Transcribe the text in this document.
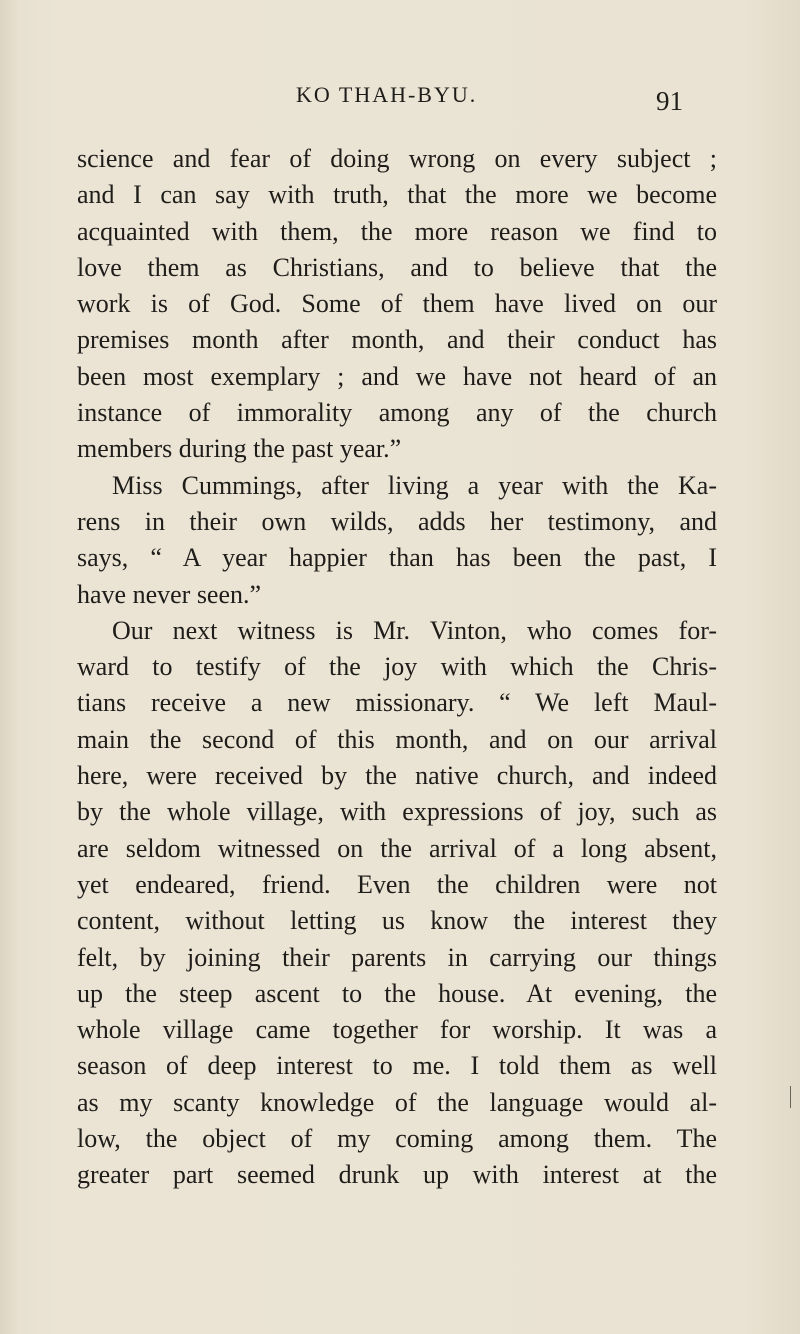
KO THAH-BYU.	91
science and fear of doing wrong on every subject ;
and I can say with truth, that the more we become
acquainted with them, the more reason we find to
love them as Christians, and to believe that the
work is of God. Some of them have lived on our
premises month after month, and their conduct has
been most exemplary ; and we have not heard of an
instance of immorality among any of the church
members during the past year.”
Miss Cummings, after living a year with the Ka-
rens in their own wilds, adds her testimony, and
says, “ A year happier than has been the past, I
have never seen.”
Our next witness is Mr. Vinton, who comes for-
ward to testify of the joy with which the Chris-
tians receive a new missionary. “ We left Maul-
main the second of this month, and on our arrival
here, were received by the native church, and indeed
by the whole village, with expressions of joy, such as
are seldom witnessed on the arrival of a long absent,
yet endeared, friend. Even the children were not
content, without letting us know the interest they
felt, by joining their parents in carrying our things
up the steep ascent to the house. At evening, the
whole village came together for worship. It was a
season of deep interest to me. I told them as well
as my scanty knowledge of the language would al-
low, the object of my coming among them. The
greater part seemed drunk up with interest at the
